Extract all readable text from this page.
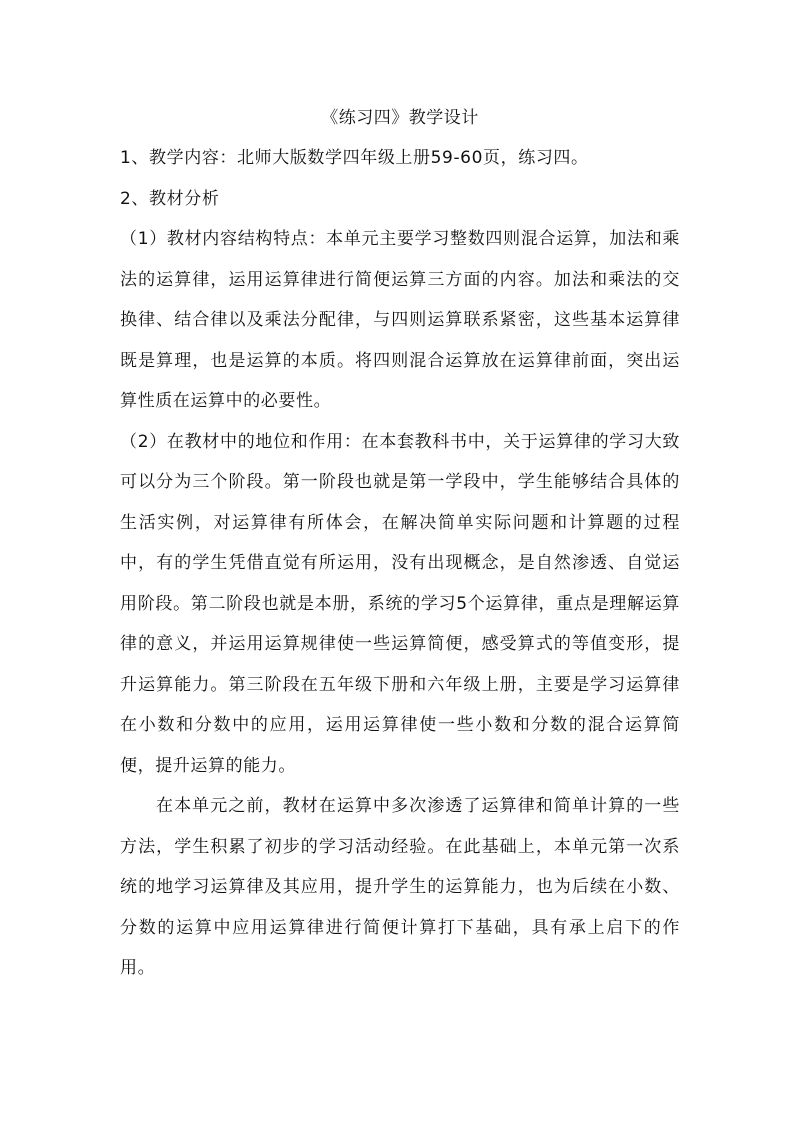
《练习四》教学设计

1、教学内容：北师大版数学四年级上册59-60页，练习四。

2、教材分析

（1）教材内容结构特点：本单元主要学习整数四则混合运算，加法和乘法的运算律，运用运算律进行简便运算三方面的内容。加法和乘法的交换律、结合律以及乘法分配律，与四则运算联系紧密，这些基本运算律既是算理，也是运算的本质。将四则混合运算放在运算律前面，突出运算性质在运算中的必要性。

（2）在教材中的地位和作用：在本套教科书中，关于运算律的学习大致可以分为三个阶段。第一阶段也就是第一学段中，学生能够结合具体的生活实例，对运算律有所体会，在解决简单实际问题和计算题的过程中，有的学生凭借直觉有所运用，没有出现概念，是自然渗透、自觉运用阶段。第二阶段也就是本册，系统的学习5个运算律，重点是理解运算律的意义，并运用运算规律使一些运算简便，感受算式的等值变形，提升运算能力。第三阶段在五年级下册和六年级上册，主要是学习运算律在小数和分数中的应用，运用运算律使一些小数和分数的混合运算简便，提升运算的能力。

在本单元之前，教材在运算中多次渗透了运算律和简单计算的一些方法，学生积累了初步的学习活动经验。在此基础上，本单元第一次系统的地学习运算律及其应用，提升学生的运算能力，也为后续在小数、分数的运算中应用运算律进行简便计算打下基础，具有承上启下的作用。
